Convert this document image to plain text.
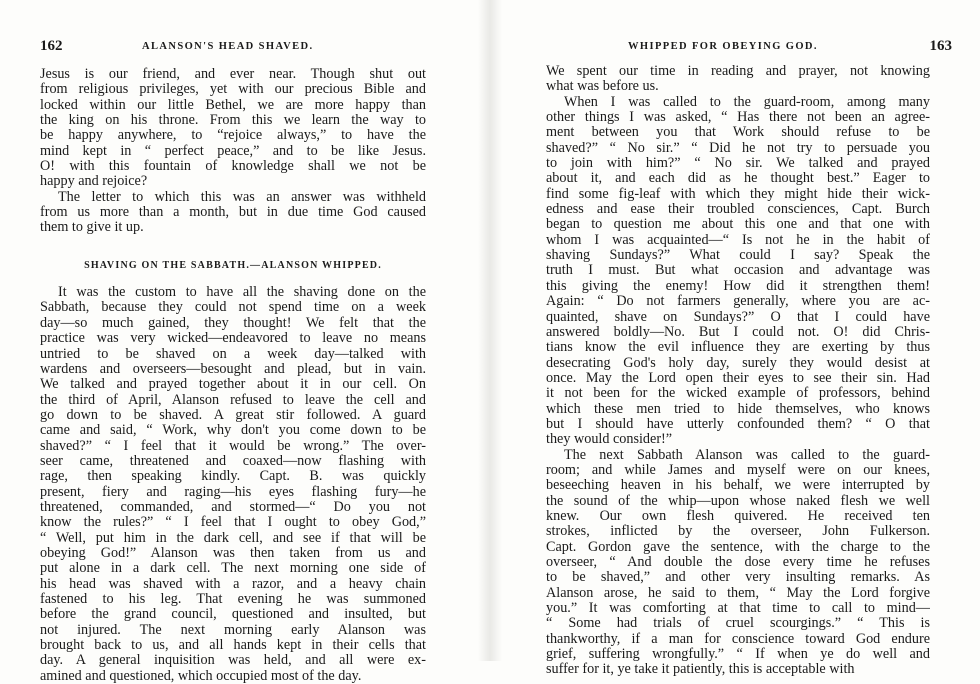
162	ALANSON'S HEAD SHAVED.
Jesus is our friend, and ever near. Though shut out
from religious privileges, yet with our precious Bible and
locked within our little Bethel, we are more happy than
the king on his throne. From this we learn the way to
be happy anywhere, to “rejoice always,” to have the
mind kept in “ perfect peace,” and to be like Jesus.
O! with this fountain of knowledge shall we not be
happy and rejoice?
The letter to which this was an answer was withheld
from us more than a month, but in due time God caused
them to give it up.
SHAVING ON THE SABBATH.—ALANSON WHIPPED.
It was the custom to have all the shaving done on the
Sabbath, because they could not spend time on a week
day—so much gained, they thought! We felt that the
practice was very wicked—endeavored to leave no means
untried to be shaved on a week day—talked with
wardens and overseers—besought and plead, but in vain.
We talked and prayed together about it in our cell. On
the third of April, Alanson refused to leave the cell and
go down to be shaved. A great stir followed. A guard
came and said, “ Work, why don't you come down to be
shaved?” “ I feel that it would be wrong.” The over-
seer came, threatened and coaxed—now flashing with
rage, then speaking kindly. Capt. B. was quickly
present, fiery and raging—his eyes flashing fury—he
threatened, commanded, and stormed—“ Do you not
know the rules?” “ I feel that I ought to obey God,”
“ Well, put him in the dark cell, and see if that will be
obeying God!” Alanson was then taken from us and
put alone in a dark cell. The next morning one side of
his head was shaved with a razor, and a heavy chain
fastened to his leg. That evening he was summoned
before the grand council, questioned and insulted, but
not injured. The next morning early Alanson was
brought back to us, and all hands kept in their cells that
day. A general inquisition was held, and all were ex-
amined and questioned, which occupied most of the day.
WHIPPED FOR OBEYING GOD.	163
We spent our time in reading and prayer, not knowing
what was before us.
When I was called to the guard-room, among many
other things I was asked, “ Has there not been an agree-
ment between you that Work should refuse to be
shaved?” “ No sir.” “ Did he not try to persuade you
to join with him?” “ No sir. We talked and prayed
about it, and each did as he thought best.” Eager to
find some fig-leaf with which they might hide their wick-
edness and ease their troubled consciences, Capt. Burch
began to question me about this one and that one with
whom I was acquainted—“ Is not he in the habit of
shaving Sundays?” What could I say? Speak the
truth I must. But what occasion and advantage was
this giving the enemy! How did it strengthen them!
Again: “ Do not farmers generally, where you are ac-
quainted, shave on Sundays?” O that I could have
answered boldly—No. But I could not. O! did Chris-
tians know the evil influence they are exerting by thus
desecrating God's holy day, surely they would desist at
once. May the Lord open their eyes to see their sin. Had
it not been for the wicked example of professors, behind
which these men tried to hide themselves, who knows
but I should have utterly confounded them? “ O that
they would consider!”
The next Sabbath Alanson was called to the guard-
room; and while James and myself were on our knees,
beseeching heaven in his behalf, we were interrupted by
the sound of the whip—upon whose naked flesh we well
knew. Our own flesh quivered. He received ten
strokes, inflicted by the overseer, John Fulkerson.
Capt. Gordon gave the sentence, with the charge to the
overseer, “ And double the dose every time he refuses
to be shaved,” and other very insulting remarks. As
Alanson arose, he said to them, “ May the Lord forgive
you.” It was comforting at that time to call to mind—
“ Some had trials of cruel scourgings.” “ This is
thankworthy, if a man for conscience toward God endure
grief, suffering wrongfully.” “ If when ye do well and
suffer for it, ye take it patiently, this is acceptable with
